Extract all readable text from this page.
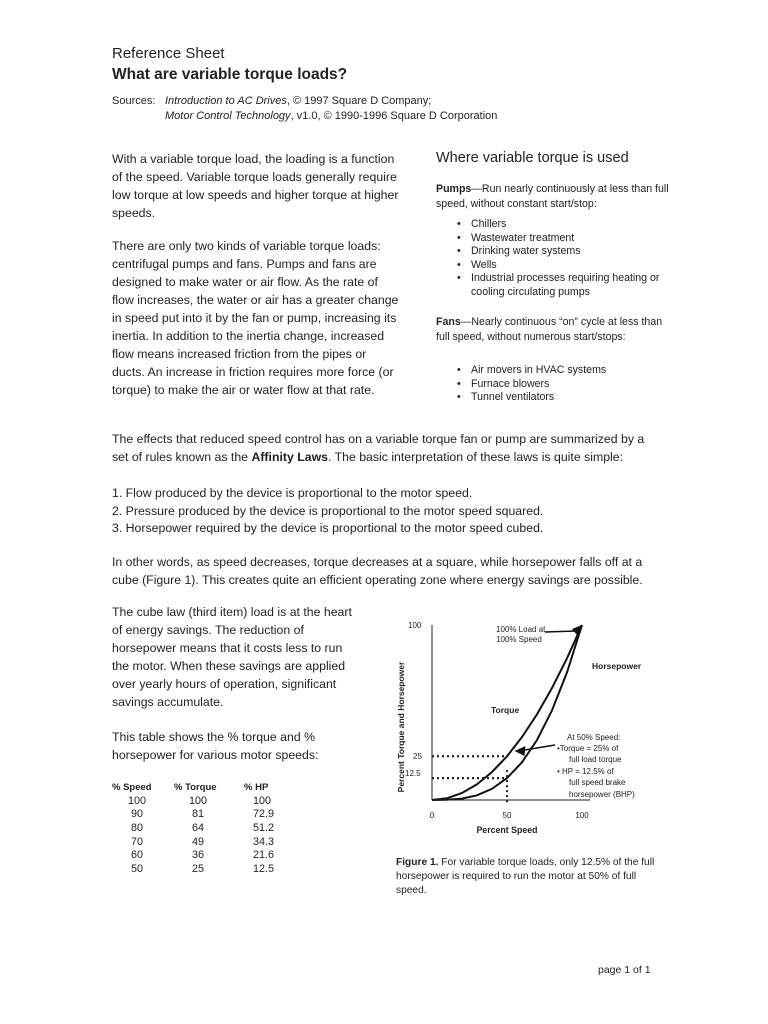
Reference Sheet
What are variable torque loads?
Sources: Introduction to AC Drives, © 1997 Square D Company;
Motor Control Technology, v1.0, © 1990-1996 Square D Corporation
With a variable torque load, the loading is a function of the speed. Variable torque loads generally require low torque at low speeds and higher torque at higher speeds.
There are only two kinds of variable torque loads: centrifugal pumps and fans. Pumps and fans are designed to make water or air flow. As the rate of flow increases, the water or air has a greater change in speed put into it by the fan or pump, increasing its inertia. In addition to the inertia change, increased flow means increased friction from the pipes or ducts. An increase in friction requires more force (or torque) to make the air or water flow at that rate.
Where variable torque is used
Pumps—Run nearly continuously at less than full speed, without constant start/stop:
• Chillers
• Wastewater treatment
• Drinking water systems
• Wells
• Industrial processes requiring heating or cooling circulating pumps
Fans—Nearly continuous “on” cycle at less than full speed, without numerous start/stops:
• Air movers in HVAC systems
• Furnace blowers
• Tunnel ventilators
The effects that reduced speed control has on a variable torque fan or pump are summarized by a set of rules known as the Affinity Laws. The basic interpretation of these laws is quite simple:
1. Flow produced by the device is proportional to the motor speed.
2. Pressure produced by the device is proportional to the motor speed squared.
3. Horsepower required by the device is proportional to the motor speed cubed.
In other words, as speed decreases, torque decreases at a square, while horsepower falls off at a cube (Figure 1). This creates quite an efficient operating zone where energy savings are possible.
The cube law (third item) load is at the heart of energy savings. The reduction of horsepower means that it costs less to run the motor. When these savings are applied over yearly hours of operation, significant savings accumulate.
This table shows the % torque and % horsepower for various motor speeds:
% Speed	% Torque	% HP
100	100	100
90	81	72.9
80	64	51.2
70	49	34.3
60	36	21.6
50	25	12.5
Percent Torque and Horsepower
Percent Speed
0	50	100
100
25
12.5
Torque
Horsepower
100% Load at
100% Speed
At 50% Speed:
•Torque = 25% of
full load torque
• HP = 12.5% of
full speed brake
horsepower (BHP)
Figure 1. For variable torque loads, only 12.5% of the full horsepower is required to run the motor at 50% of full speed.
page 1 of 1
